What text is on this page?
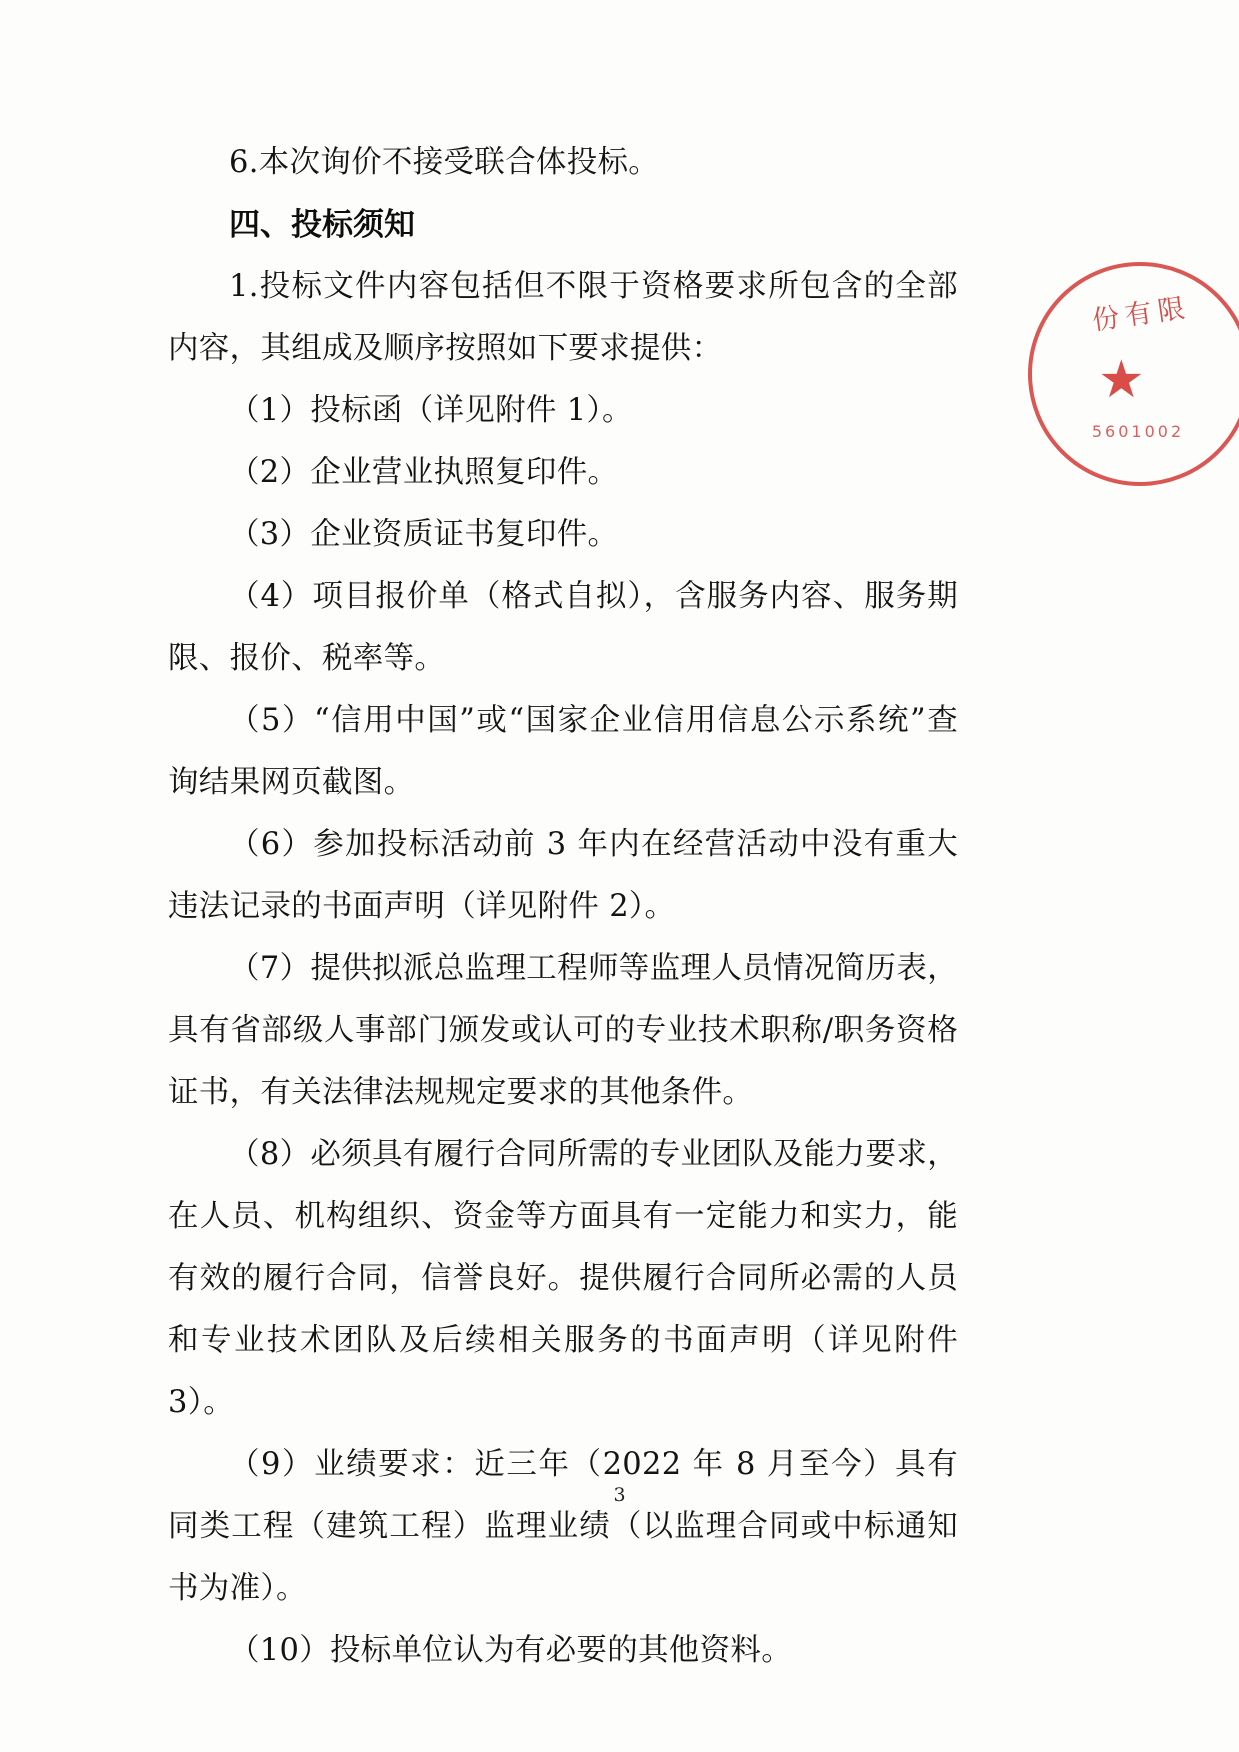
6.本次询价不接受联合体投标。

四、投标须知

1.投标文件内容包括但不限于资格要求所包含的全部内容，其组成及顺序按照如下要求提供：

（1）投标函（详见附件 1）。

（2）企业营业执照复印件。

（3）企业资质证书复印件。

（4）项目报价单（格式自拟），含服务内容、服务期限、报价、税率等。

（5）“信用中国”或“国家企业信用信息公示系统”查询结果网页截图。

（6）参加投标活动前 3 年内在经营活动中没有重大违法记录的书面声明（详见附件 2）。

（7）提供拟派总监理工程师等监理人员情况简历表，具有省部级人事部门颁发或认可的专业技术职称/职务资格证书，有关法律法规规定要求的其他条件。

（8）必须具有履行合同所需的专业团队及能力要求，在人员、机构组织、资金等方面具有一定能力和实力，能有效的履行合同，信誉良好。提供履行合同所必需的人员和专业技术团队及后续相关服务的书面声明（详见附件 3）。

（9）业绩要求：近三年（2022 年 8 月至今）具有同类工程（建筑工程）监理业绩（以监理合同或中标通知书为准）。

（10）投标单位认为有必要的其他资料。

份有限
★
5601002
3
